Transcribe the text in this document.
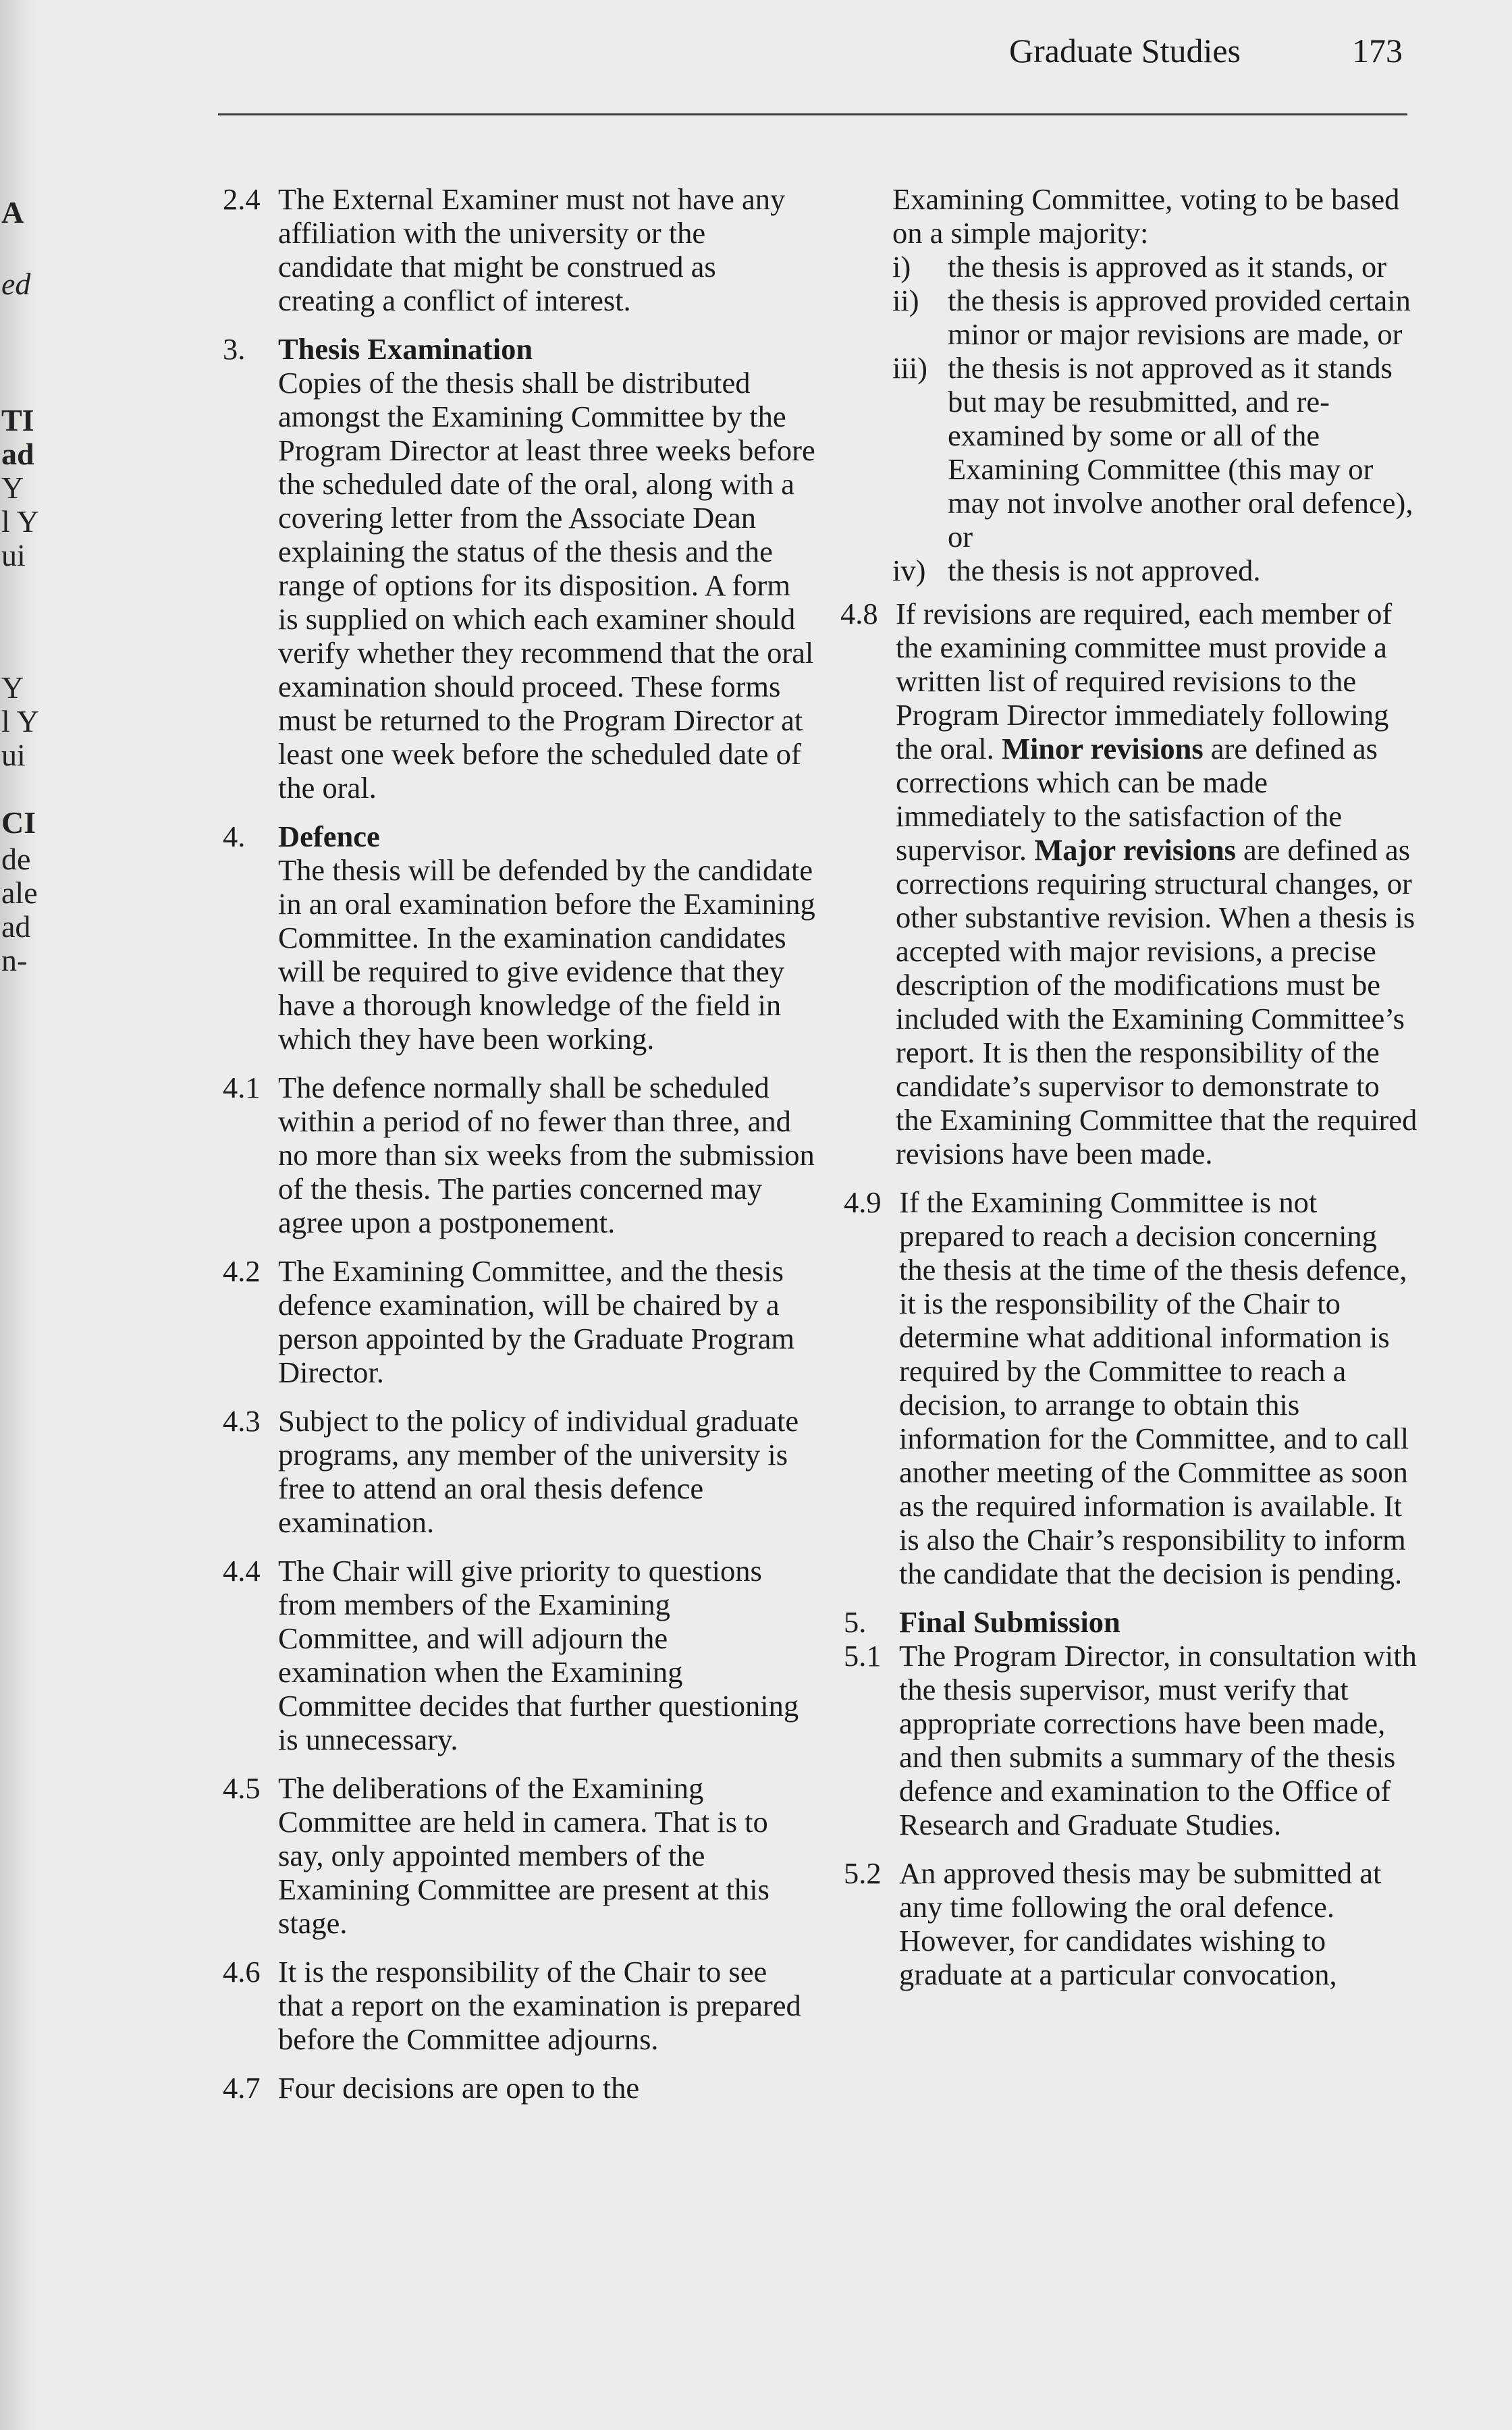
A
ed
TI
ad
Y
l Y
ui
Y
l Y
ui
CI
de
ale
ad
n-
Graduate Studies	173
2.4 The External Examiner must not have any affiliation with the university or the candidate that might be construed as creating a conflict of interest.
3. Thesis Examination
Copies of the thesis shall be distributed amongst the Examining Committee by the Program Director at least three weeks before the scheduled date of the oral, along with a covering letter from the Associate Dean explaining the status of the thesis and the range of options for its disposition. A form is supplied on which each examiner should verify whether they recommend that the oral examination should proceed. These forms must be returned to the Program Director at least one week before the scheduled date of the oral.
4. Defence
The thesis will be defended by the candidate in an oral examination before the Examining Committee. In the examination candidates will be required to give evidence that they have a thorough knowledge of the field in which they have been working.
4.1 The defence normally shall be scheduled within a period of no fewer than three, and no more than six weeks from the submission of the thesis. The parties concerned may agree upon a postponement.
4.2 The Examining Committee, and the thesis defence examination, will be chaired by a person appointed by the Graduate Program Director.
4.3 Subject to the policy of individual graduate programs, any member of the university is free to attend an oral thesis defence examination.
4.4 The Chair will give priority to questions from members of the Examining Committee, and will adjourn the examination when the Examining Committee decides that further questioning is unnecessary.
4.5 The deliberations of the Examining Committee are held in camera. That is to say, only appointed members of the Examining Committee are present at this stage.
4.6 It is the responsibility of the Chair to see that a report on the examination is prepared before the Committee adjourns.
4.7 Four decisions are open to the
Examining Committee, voting to be based on a simple majority:
i) the thesis is approved as it stands, or
ii) the thesis is approved provided certain minor or major revisions are made, or
iii) the thesis is not approved as it stands but may be resubmitted, and re-examined by some or all of the Examining Committee (this may or may not involve another oral defence), or
iv) the thesis is not approved.
4.8 If revisions are required, each member of the examining committee must provide a written list of required revisions to the Program Director immediately following the oral. Minor revisions are defined as corrections which can be made immediately to the satisfaction of the supervisor. Major revisions are defined as corrections requiring structural changes, or other substantive revision. When a thesis is accepted with major revisions, a precise description of the modifications must be included with the Examining Committee’s report. It is then the responsibility of the candidate’s supervisor to demonstrate to the Examining Committee that the required revisions have been made.
4.9 If the Examining Committee is not prepared to reach a decision concerning the thesis at the time of the thesis defence, it is the responsibility of the Chair to determine what additional information is required by the Committee to reach a decision, to arrange to obtain this information for the Committee, and to call another meeting of the Committee as soon as the required information is available. It is also the Chair’s responsibility to inform the candidate that the decision is pending.
5. Final Submission
5.1 The Program Director, in consultation with the thesis supervisor, must verify that appropriate corrections have been made, and then submits a summary of the thesis defence and examination to the Office of Research and Graduate Studies.
5.2 An approved thesis may be submitted at any time following the oral defence. However, for candidates wishing to graduate at a particular convocation,
